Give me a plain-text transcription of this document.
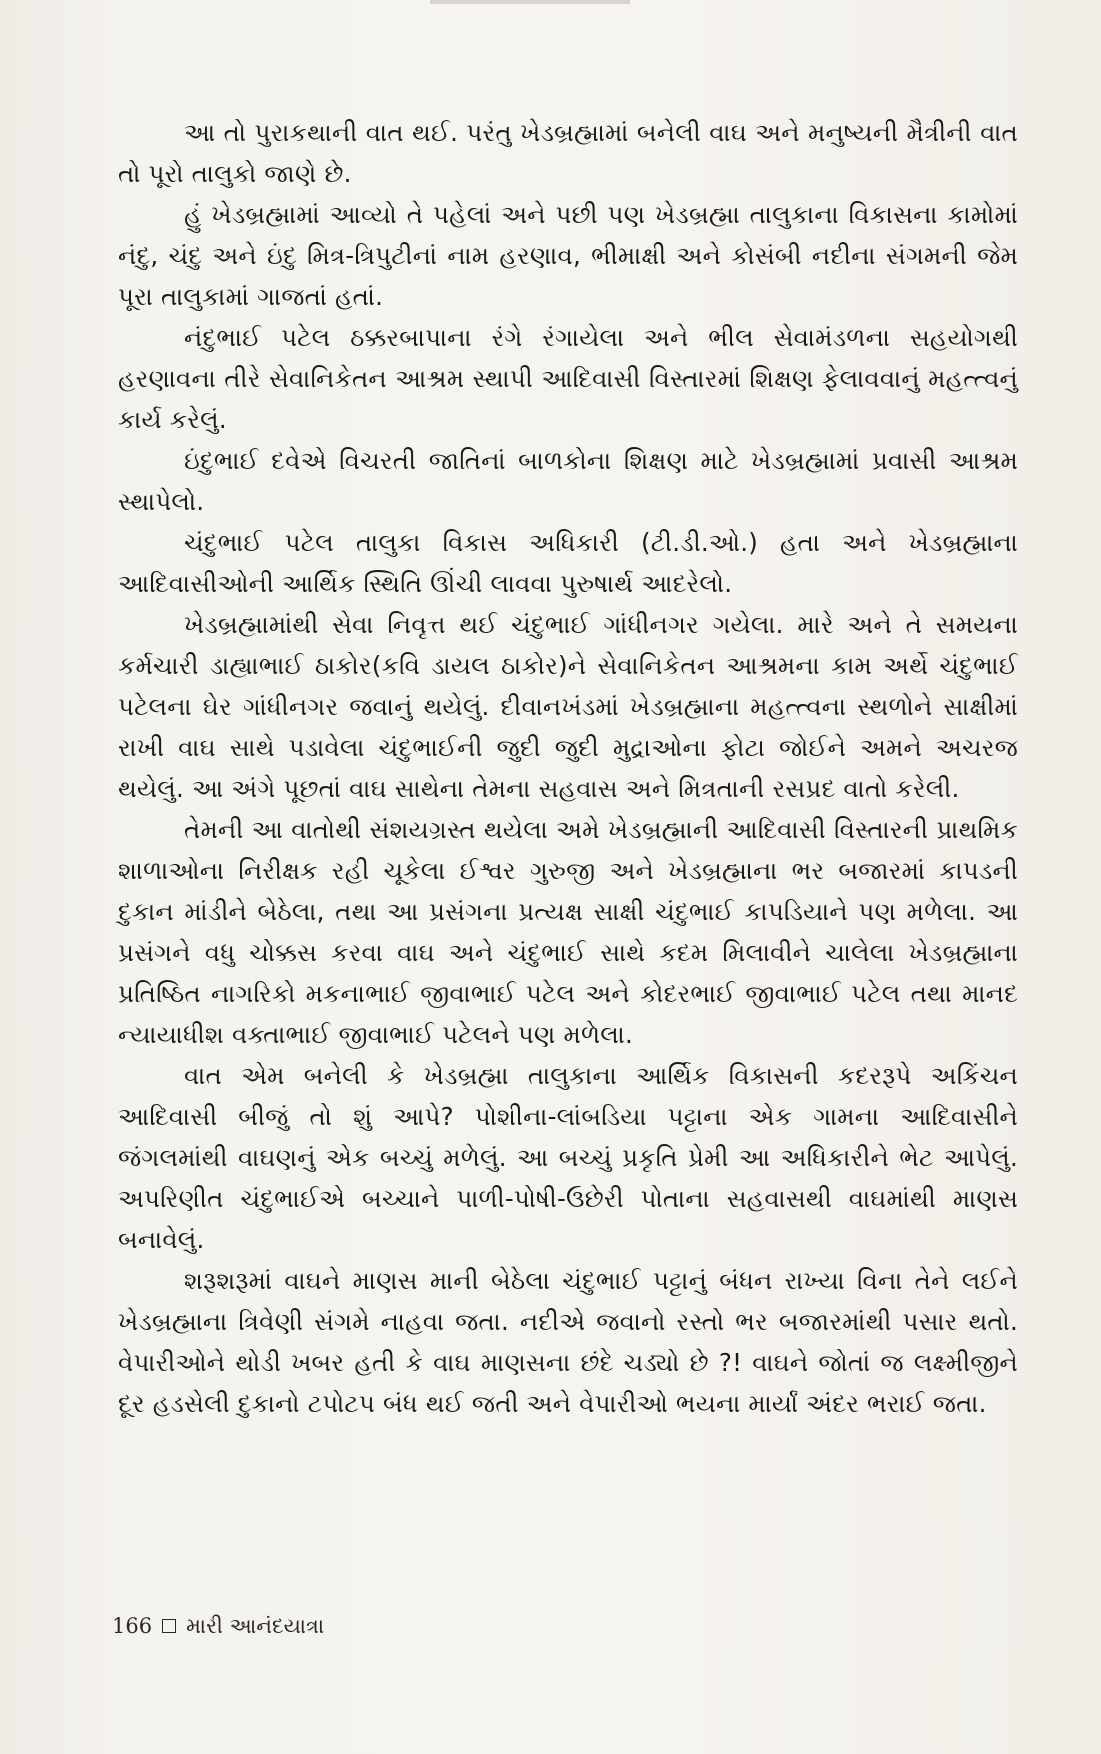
આ તો પુરાકથાની વાત થઈ. પરંતુ ખેડબ્રહ્મામાં બનેલી વાઘ અને મનુષ્યની મૈત્રીની વાત તો પૂરો તાલુકો જાણે છે.

હું ખેડબ્રહ્મામાં આવ્યો તે પહેલાં અને પછી પણ ખેડબ્રહ્મા તાલુકાના વિકાસના કામોમાં નંદુ, ચંદુ અને ઇંદુ મિત્ર-ત્રિપુટીનાં નામ હરણાવ, ભીમાક્ષી અને કોસંબી નદીના સંગમની જેમ પૂરા તાલુકામાં ગાજતાં હતાં.

નંદુભાઈ પટેલ ઠક્કરબાપાના રંગે રંગાયેલા અને ભીલ સેવામંડળના સહયોગથી હરણાવના તીરે સેવાનિકેતન આશ્રમ સ્થાપી આદિવાસી વિસ્તારમાં શિક્ષણ ફેલાવવાનું મહત્ત્વનું કાર્ય કરેલું.

ઇંદુભાઈ દવેએ વિચરતી જાતિનાં બાળકોના શિક્ષણ માટે ખેડબ્રહ્મામાં પ્રવાસી આશ્રમ સ્થાપેલો.

ચંદુભાઈ પટેલ તાલુકા વિકાસ અધિકારી (ટી.ડી.ઓ.) હતા અને ખેડબ્રહ્માના આદિવાસીઓની આર્થિક સ્થિતિ ઊંચી લાવવા પુરુષાર્થ આદરેલો.

ખેડબ્રહ્મામાંથી સેવા નિવૃત્ત થઈ ચંદુભાઈ ગાંધીનગર ગયેલા. મારે અને તે સમયના કર્મચારી ડાહ્યાભાઈ ઠાકોર(કવિ ડાયલ ઠાકોર)ને સેવાનિકેતન આશ્રમના કામ અર્થે ચંદુભાઈ પટેલના ઘેર ગાંધીનગર જવાનું થયેલું. દીવાનખંડમાં ખેડબ્રહ્માના મહત્ત્વના સ્થળોને સાક્ષીમાં રાખી વાઘ સાથે પડાવેલા ચંદુભાઈની જુદી જુદી મુદ્રાઓના ફોટા જોઈને અમને અચરજ થયેલું. આ અંગે પૂછતાં વાઘ સાથેના તેમના સહવાસ અને મિત્રતાની રસપ્રદ વાતો કરેલી.

તેમની આ વાતોથી સંશયગ્રસ્ત થયેલા અમે ખેડબ્રહ્માની આદિવાસી વિસ્તારની પ્રાથમિક શાળાઓના નિરીક્ષક રહી ચૂકેલા ઈશ્વર ગુરુજી અને ખેડબ્રહ્માના ભર બજારમાં કાપડની દુકાન માંડીને બેઠેલા, તથા આ પ્રસંગના પ્રત્યક્ષ સાક્ષી ચંદુભાઈ કાપડિયાને પણ મળેલા. આ પ્રસંગને વધુ ચોક્કસ કરવા વાઘ અને ચંદુભાઈ સાથે કદમ મિલાવીને ચાલેલા ખેડબ્રહ્માના પ્રતિષ્ઠિત નાગરિકો મકનાભાઈ જીવાભાઈ પટેલ અને કોદરભાઈ જીવાભાઈ પટેલ તથા માનદ ન્યાયાધીશ વક્તાભાઈ જીવાભાઈ પટેલને પણ મળેલા.

વાત એમ બનેલી કે ખેડબ્રહ્મા તાલુકાના આર્થિક વિકાસની કદરરૂપે અકિંચન આદિવાસી બીજું તો શું આપે? પોશીના-લાંબડિયા પટ્ટાના એક ગામના આદિવાસીને જંગલમાંથી વાઘણનું એક બચ્ચું મળેલું. આ બચ્ચું પ્રકૃતિ પ્રેમી આ અધિકારીને ભેટ આપેલું. અપરિણીત ચંદુભાઈએ બચ્ચાને પાળી-પોષી-ઉછેરી પોતાના સહવાસથી વાઘમાંથી માણસ બનાવેલું.

શરૂશરૂમાં વાઘને માણસ માની બેઠેલા ચંદુભાઈ પટ્ટાનું બંધન રાખ્યા વિના તેને લઈને ખેડબ્રહ્માના ત્રિવેણી સંગમે નાહવા જતા. નદીએ જવાનો રસ્તો ભર બજારમાંથી પસાર થતો. વેપારીઓને થોડી ખબર હતી કે વાઘ માણસના છંદે ચડ્યો છે ?! વાઘને જોતાં જ લક્ષ્મીજીને દૂર હડસેલી દુકાનો ટપોટપ બંધ થઈ જતી અને વેપારીઓ ભયના માર્યાં અંદર ભરાઈ જતા.

166 મારી આનંદયાત્રા
